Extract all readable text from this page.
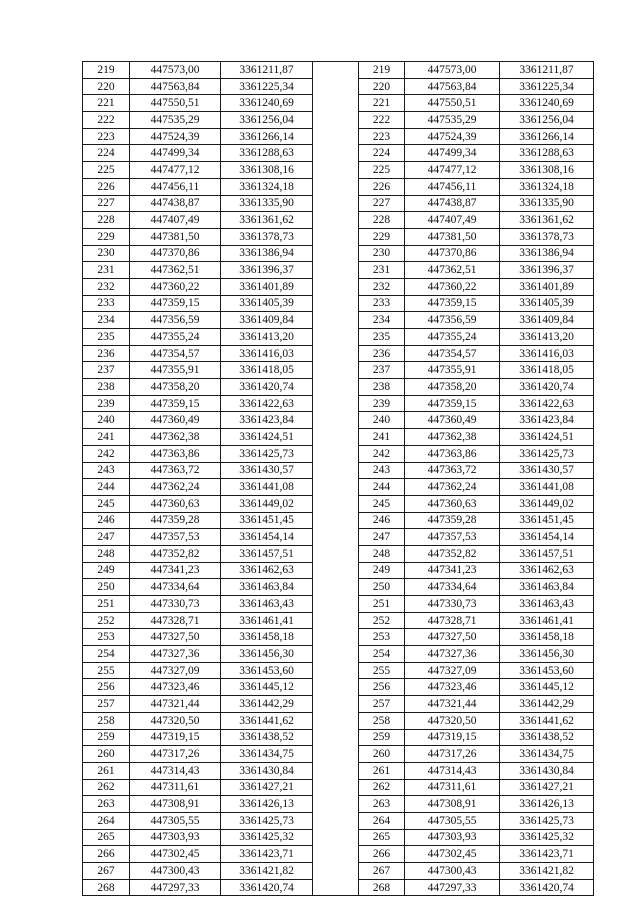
219	447573,00	3361211,87		219	447573,00	3361211,87
220	447563,84	3361225,34		220	447563,84	3361225,34
221	447550,51	3361240,69		221	447550,51	3361240,69
222	447535,29	3361256,04		222	447535,29	3361256,04
223	447524,39	3361266,14		223	447524,39	3361266,14
224	447499,34	3361288,63		224	447499,34	3361288,63
225	447477,12	3361308,16		225	447477,12	3361308,16
226	447456,11	3361324,18		226	447456,11	3361324,18
227	447438,87	3361335,90		227	447438,87	3361335,90
228	447407,49	3361361,62		228	447407,49	3361361,62
229	447381,50	3361378,73		229	447381,50	3361378,73
230	447370,86	3361386,94		230	447370,86	3361386,94
231	447362,51	3361396,37		231	447362,51	3361396,37
232	447360,22	3361401,89		232	447360,22	3361401,89
233	447359,15	3361405,39		233	447359,15	3361405,39
234	447356,59	3361409,84		234	447356,59	3361409,84
235	447355,24	3361413,20		235	447355,24	3361413,20
236	447354,57	3361416,03		236	447354,57	3361416,03
237	447355,91	3361418,05		237	447355,91	3361418,05
238	447358,20	3361420,74		238	447358,20	3361420,74
239	447359,15	3361422,63		239	447359,15	3361422,63
240	447360,49	3361423,84		240	447360,49	3361423,84
241	447362,38	3361424,51		241	447362,38	3361424,51
242	447363,86	3361425,73		242	447363,86	3361425,73
243	447363,72	3361430,57		243	447363,72	3361430,57
244	447362,24	3361441,08		244	447362,24	3361441,08
245	447360,63	3361449,02		245	447360,63	3361449,02
246	447359,28	3361451,45		246	447359,28	3361451,45
247	447357,53	3361454,14		247	447357,53	3361454,14
248	447352,82	3361457,51		248	447352,82	3361457,51
249	447341,23	3361462,63		249	447341,23	3361462,63
250	447334,64	3361463,84		250	447334,64	3361463,84
251	447330,73	3361463,43		251	447330,73	3361463,43
252	447328,71	3361461,41		252	447328,71	3361461,41
253	447327,50	3361458,18		253	447327,50	3361458,18
254	447327,36	3361456,30		254	447327,36	3361456,30
255	447327,09	3361453,60		255	447327,09	3361453,60
256	447323,46	3361445,12		256	447323,46	3361445,12
257	447321,44	3361442,29		257	447321,44	3361442,29
258	447320,50	3361441,62		258	447320,50	3361441,62
259	447319,15	3361438,52		259	447319,15	3361438,52
260	447317,26	3361434,75		260	447317,26	3361434,75
261	447314,43	3361430,84		261	447314,43	3361430,84
262	447311,61	3361427,21		262	447311,61	3361427,21
263	447308,91	3361426,13		263	447308,91	3361426,13
264	447305,55	3361425,73		264	447305,55	3361425,73
265	447303,93	3361425,32		265	447303,93	3361425,32
266	447302,45	3361423,71		266	447302,45	3361423,71
267	447300,43	3361421,82		267	447300,43	3361421,82
268	447297,33	3361420,74		268	447297,33	3361420,74
